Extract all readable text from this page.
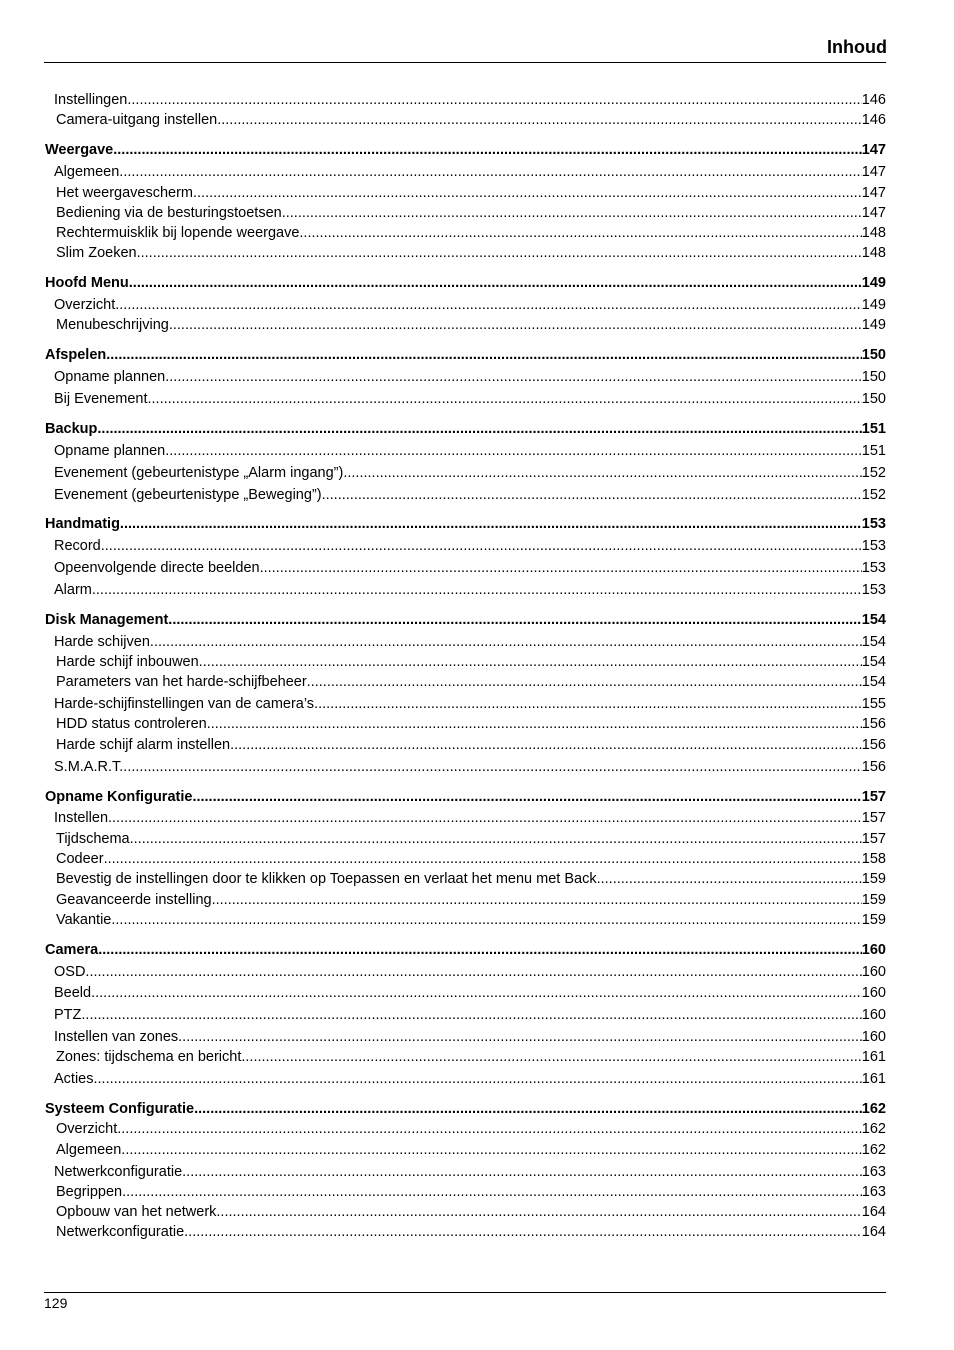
Inhoud
Instellingen .....	146
Camera-uitgang instellen .....	146
Weergave .....	147
Algemeen .....	147
Het weergavescherm .....	147
Bediening via de besturingstoetsen .....	147
Rechtermuisklik bij lopende weergave .....	148
Slim Zoeken .....	148
Hoofd Menu .....	149
Overzicht .....	149
Menubeschrijving .....	149
Afspelen .....	150
Opname plannen .....	150
Bij Evenement .....	150
Backup .....	151
Opname plannen .....	151
Evenement (gebeurtenistype „Alarm ingang”) .....	152
Evenement (gebeurtenistype „Beweging”) .....	152
Handmatig .....	153
Record .....	153
Opeenvolgende directe beelden .....	153
Alarm .....	153
Disk Management .....	154
Harde schijven .....	154
Harde schijf inbouwen .....	154
Parameters van het harde-schijfbeheer .....	154
Harde-schijfinstellingen van de camera’s .....	155
HDD status controleren .....	156
Harde schijf alarm instellen .....	156
S.M.A.R.T. .....	156
Opname Konfiguratie .....	157
Instellen .....	157
Tijdschema .....	157
Codeer .....	158
Bevestig de instellingen door te klikken op Toepassen en verlaat het menu met Back. .....	159
Geavanceerde instelling .....	159
Vakantie .....	159
Camera .....	160
OSD .....	160
Beeld .....	160
PTZ .....	160
Instellen van zones .....	160
Zones: tijdschema en bericht .....	161
Acties .....	161
Systeem Configuratie .....	162
Overzicht .....	162
Algemeen .....	162
Netwerkconfiguratie .....	163
Begrippen .....	163
Opbouw van het netwerk .....	164
Netwerkconfiguratie .....	164
129
